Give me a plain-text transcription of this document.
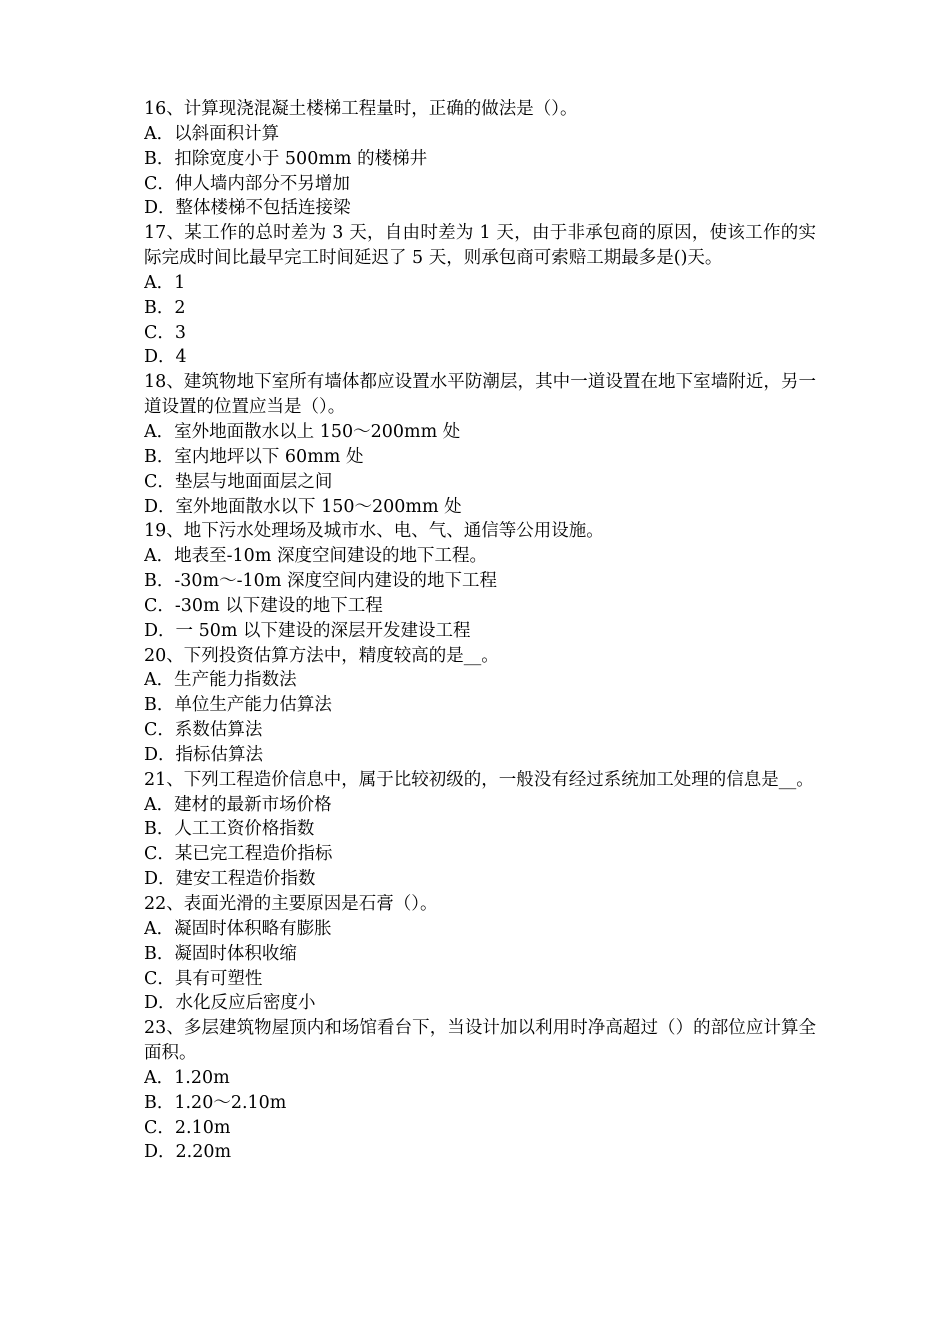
16、计算现浇混凝土楼梯工程量时，正确的做法是（）。
A．以斜面积计算
B．扣除宽度小于 500mm 的楼梯井
C．伸人墙内部分不另增加
D．整体楼梯不包括连接梁
17、某工作的总时差为 3 天，自由时差为 1 天，由于非承包商的原因，使该工作的实际完成时间比最早完工时间延迟了 5 天，则承包商可索赔工期最多是()天。
A．1
B．2
C．3
D．4
18、建筑物地下室所有墙体都应设置水平防潮层，其中一道设置在地下室墙附近，另一道设置的位置应当是（）。
A．室外地面散水以上 150～200mm 处
B．室内地坪以下 60mm 处
C．垫层与地面面层之间
D．室外地面散水以下 150～200mm 处
19、地下污水处理场及城市水、电、气、通信等公用设施。
A．地表至-10m 深度空间建设的地下工程。
B．-30m～-10m 深度空间内建设的地下工程
C．-30m 以下建设的地下工程
D．一 50m 以下建设的深层开发建设工程
20、下列投资估算方法中，精度较高的是__。
A．生产能力指数法
B．单位生产能力估算法
C．系数估算法
D．指标估算法
21、下列工程造价信息中，属于比较初级的，一般没有经过系统加工处理的信息是__。
A．建材的最新市场价格
B．人工工资价格指数
C．某已完工程造价指标
D．建安工程造价指数
22、表面光滑的主要原因是石膏（）。
A．凝固时体积略有膨胀
B．凝固时体积收缩
C．具有可塑性
D．水化反应后密度小
23、多层建筑物屋顶内和场馆看台下，当设计加以利用时净高超过（）的部位应计算全面积。
A．1.20m
B．1.20～2.10m
C．2.10m
D．2.20m
